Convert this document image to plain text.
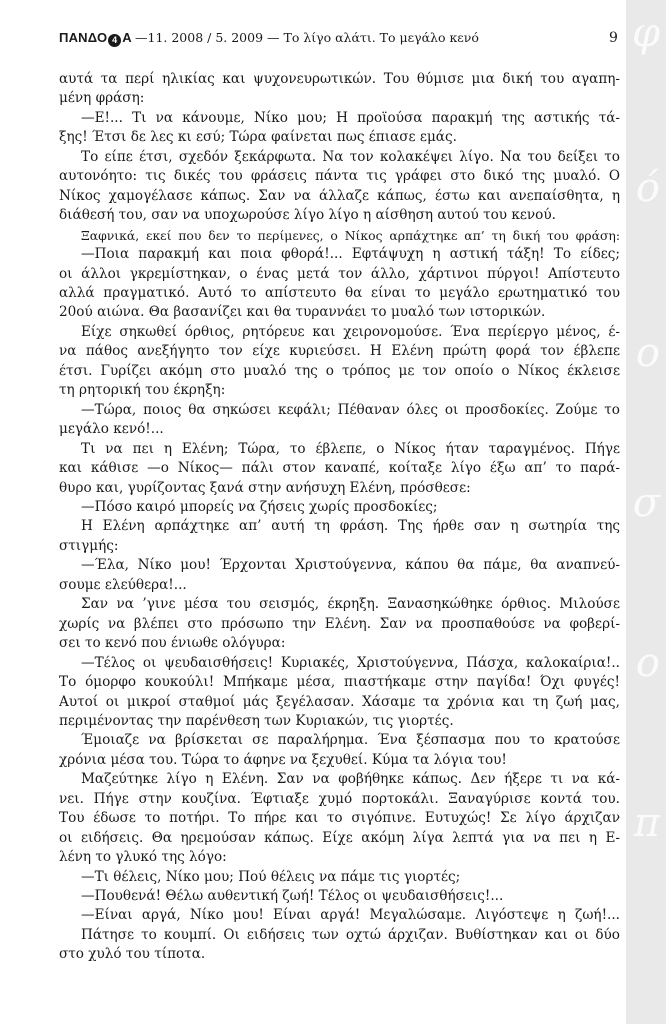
φ
ό
ο
σ
ο
π
ΠΑΝΔΟ 4 Α —11. 2008 / 5. 2009 — Το λίγο αλάτι. Το μεγάλο κενό	9

αυτά τα περί ηλικίας και ψυχονευρωτικών. Του θύμισε μια δική του αγαπη-

μένη φράση:

—Ε!... Τι να κάνουμε, Νίκο μου; Η προϊούσα παρακμή της αστικής τά-

ξης! Έτσι δε λες κι εσύ; Τώρα φαίνεται πως έπιασε εμάς.

Το είπε έτσι, σχεδόν ξεκάρφωτα. Να τον κολακέψει λίγο. Να του δείξει το

αυτονόητο: τις δικές του φράσεις πάντα τις γράφει στο δικό της μυαλό. Ο

Νίκος χαμογέλασε κάπως. Σαν να άλλαζε κάπως, έστω και ανεπαίσθητα, η

διάθεσή του, σαν να υποχωρούσε λίγο λίγο η αίσθηση αυτού του κενού.

Ξαφνικά, εκεί που δεν το περίμενες, ο Νίκος αρπάχτηκε απ’ τη δική του φράση:

—Ποια παρακμή και ποια φθορά!... Εφτάψυχη η αστική τάξη! Το είδες;

οι άλλοι γκρεμίστηκαν, ο ένας μετά τον άλλο, χάρτινοι πύργοι! Απίστευτο

αλλά πραγματικό. Αυτό το απίστευτο θα είναι το μεγάλο ερωτηματικό του

20ού αιώνα. Θα βασανίζει και θα τυραννάει το μυαλό των ιστορικών.

Είχε σηκωθεί όρθιος, ρητόρευε και χειρονομούσε. Ένα περίεργο μένος, έ-

να πάθος ανεξήγητο τον είχε κυριεύσει. Η Ελένη πρώτη φορά τον έβλεπε

έτσι. Γυρίζει ακόμη στο μυαλό της ο τρόπος με τον οποίο ο Νίκος έκλεισε

τη ρητορική του έκρηξη:

—Τώρα, ποιος θα σηκώσει κεφάλι; Πέθαναν όλες οι προσδοκίες. Ζούμε το

μεγάλο κενό!...

Τι να πει η Ελένη; Τώρα, το έβλεπε, ο Νίκος ήταν ταραγμένος. Πήγε

και κάθισε —ο Νίκος— πάλι στον καναπέ, κοίταξε λίγο έξω απ’ το παρά-

θυρο και, γυρίζοντας ξανά στην ανήσυχη Ελένη, πρόσθεσε:

—Πόσο καιρό μπορείς να ζήσεις χωρίς προσδοκίες;

Η Ελένη αρπάχτηκε απ’ αυτή τη φράση. Της ήρθε σαν η σωτηρία της

στιγμής:

—Έλα, Νίκο μου! Έρχονται Χριστούγεννα, κάπου θα πάμε, θα αναπνεύ-

σουμε ελεύθερα!...

Σαν να ’γινε μέσα του σεισμός, έκρηξη. Ξανασηκώθηκε όρθιος. Μιλούσε

χωρίς να βλέπει στο πρόσωπο την Ελένη. Σαν να προσπαθούσε να φοβερί-

σει το κενό που ένιωθε ολόγυρα:

—Τέλος οι ψευδαισθήσεις! Κυριακές, Χριστούγεννα, Πάσχα, καλοκαίρια!..

Το όμορφο κουκούλι! Μπήκαμε μέσα, πιαστήκαμε στην παγίδα! Όχι φυγές!

Αυτοί οι μικροί σταθμοί μάς ξεγέλασαν. Χάσαμε τα χρόνια και τη ζωή μας,

περιμένοντας την παρένθεση των Κυριακών, τις γιορτές.

Έμοιαζε να βρίσκεται σε παραλήρημα. Ένα ξέσπασμα που το κρατούσε

χρόνια μέσα του. Τώρα το άφηνε να ξεχυθεί. Κύμα τα λόγια του!

Μαζεύτηκε λίγο η Ελένη. Σαν να φοβήθηκε κάπως. Δεν ήξερε τι να κά-

νει. Πήγε στην κουζίνα. Έφτιαξε χυμό πορτοκάλι. Ξαναγύρισε κοντά του.

Του έδωσε το ποτήρι. Το πήρε και το σιγόπινε. Ευτυχώς! Σε λίγο άρχιζαν

οι ειδήσεις. Θα ηρεμούσαν κάπως. Είχε ακόμη λίγα λεπτά για να πει η Ε-

λένη το γλυκό της λόγο:

—Τι θέλεις, Νίκο μου; Πού θέλεις να πάμε τις γιορτές;

—Πουθενά! Θέλω αυθεντική ζωή! Τέλος οι ψευδαισθήσεις!...

—Είναι αργά, Νίκο μου! Είναι αργά! Μεγαλώσαμε. Λιγόστεψε η ζωή!...

Πάτησε το κουμπί. Οι ειδήσεις των οχτώ άρχιζαν. Βυθίστηκαν και οι δύο

στο χυλό του τίποτα.
